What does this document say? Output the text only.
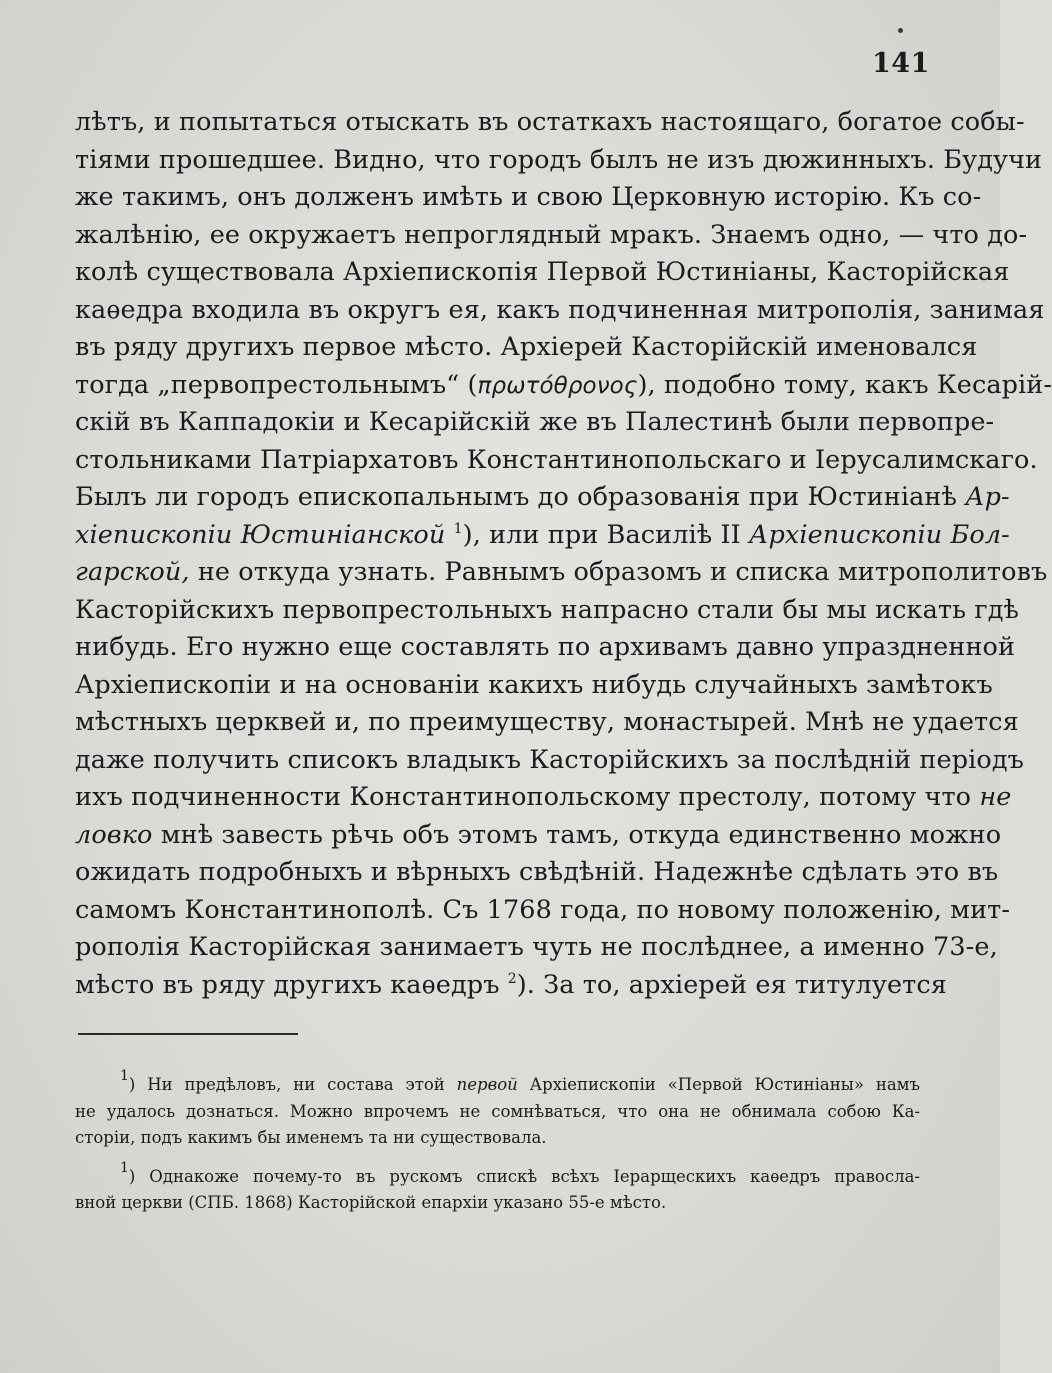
141
лѣтъ, и попытаться отыскать въ остаткахъ настоящаго, богатое собы-
тіями прошедшее. Видно, что городъ былъ не изъ дюжинныхъ. Будучи
же такимъ, онъ долженъ имѣть и свою Церковную исторію. Къ со-
жалѣнію, ее окружаетъ непроглядный мракъ. Знаемъ одно, — что до-
колѣ существовала Архіепископія Первой Юстиніаны, Касторійская
каѳедра входила въ округъ ея, какъ подчиненная митрополія, занимая
въ ряду другихъ первое мѣсто. Архіерей Касторійскій именовался
тогда „первопрестольнымъ“ (πρωτόθρονος), подобно тому, какъ Кесарій-
скій въ Каппадокіи и Кесарійскій же въ Палестинѣ были первопре-
стольниками Патріархатовъ Константинопольскаго и Іерусалимскаго.
Былъ ли городъ епископальнымъ до образованія при Юстиніанѣ Ар-
хіепископіи Юстиніанской $^1$), или при Василіѣ II Архіепископіи Бол-
гарской, не откуда узнать. Равнымъ образомъ и списка митрополитовъ
Касторійскихъ первопрестольныхъ напрасно стали бы мы искать гдѣ
нибудь. Его нужно еще составлять по архивамъ давно упраздненной
Архіепископіи и на основаніи какихъ нибудь случайныхъ замѣтокъ
мѣстныхъ церквей и, по преимуществу, монастырей. Мнѣ не удается
даже получить списокъ владыкъ Касторійскихъ за послѣдній періодъ
ихъ подчиненности Константинопольскому престолу, потому что не
ловко мнѣ завесть рѣчь объ этомъ тамъ, откуда единственно можно
ожидать подробныхъ и вѣрныхъ свѣдѣній. Надежнѣе сдѣлать это въ
самомъ Константинополѣ. Съ 1768 года, по новому положенію, мит-
рополія Касторійская занимаетъ чуть не послѣднее, а именно 73-е,
мѣсто въ ряду другихъ каѳедръ $^2$). За то, архіерей ея титулуется
$^1$) Ни предѣловъ, ни состава этой первой Архіепископіи «Первой Юстиніаны» намъ
не удалось дознаться. Можно впрочемъ не сомнѣваться, что она не обнимала собою Ка-
сторіи, подъ какимъ бы именемъ та ни существовала.
$^1$) Однакоже почему-то въ рускомъ спискѣ всѣхъ Іерарщескихъ каѳедръ правосла-
вной церкви (СПБ. 1868) Касторійской епархіи указано 55-е мѣсто.
